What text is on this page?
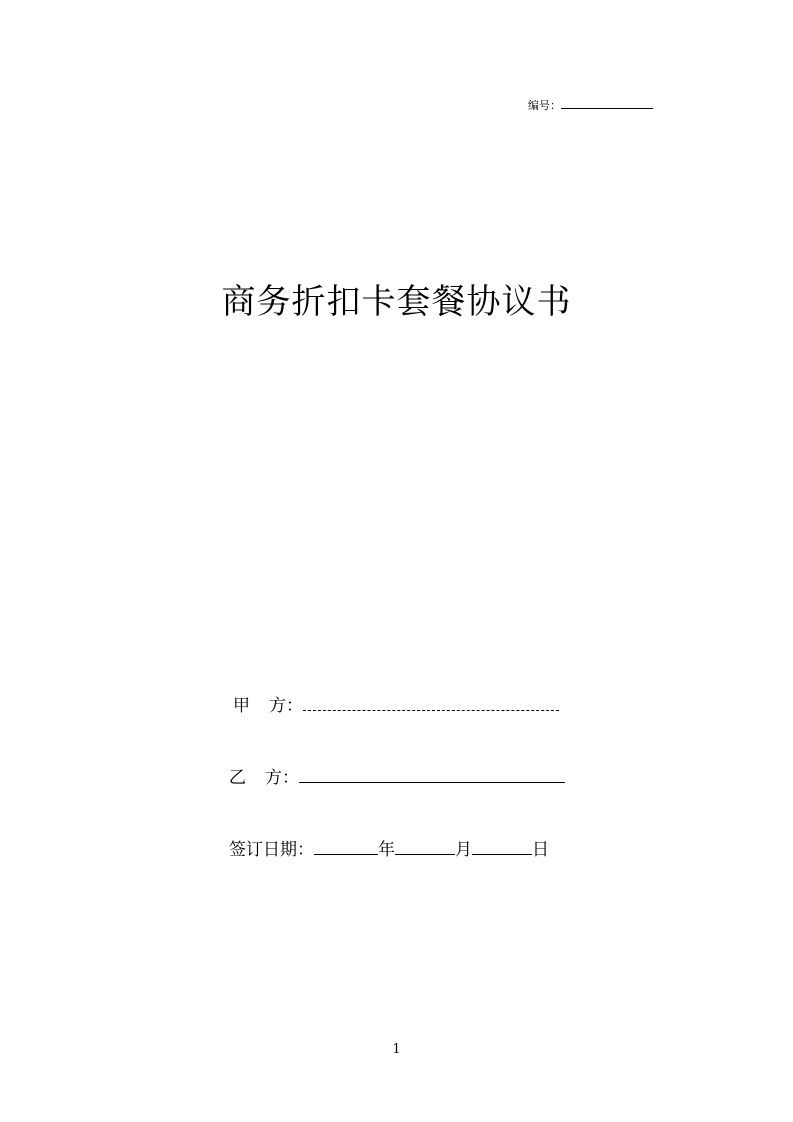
编号：
商务折扣卡套餐协议书
甲 方：
乙 方：
签订日期：	年	月	日
1
